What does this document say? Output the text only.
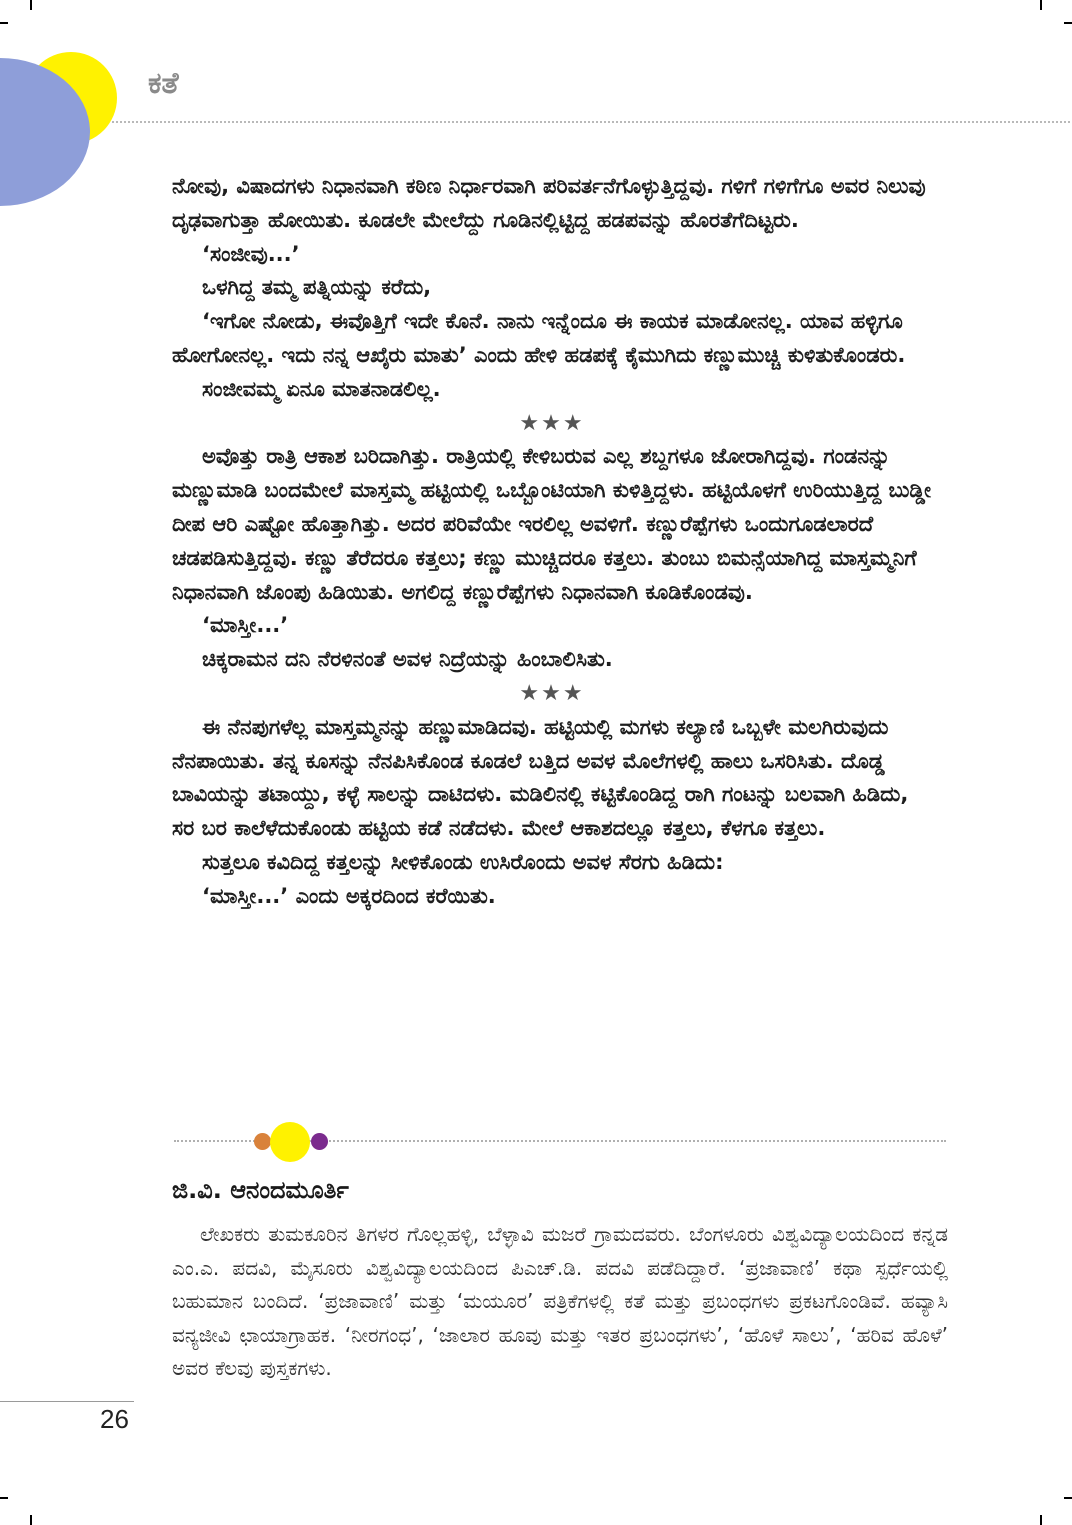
ಕತೆ

ನೋವು, ವಿಷಾದಗಳು ನಿಧಾನವಾಗಿ ಕಠಿಣ ನಿರ್ಧಾರವಾಗಿ ಪರಿವರ್ತನೆಗೊಳ್ಳುತ್ತಿದ್ದವು. ಗಳಿಗೆ ಗಳಿಗೆಗೂ ಅವರ ನಿಲುವು ದೃಢವಾಗುತ್ತಾ ಹೋಯಿತು. ಕೂಡಲೇ ಮೇಲೆದ್ದು ಗೂಡಿನಲ್ಲಿಟ್ಟಿದ್ದ ಹಡಪವನ್ನು ಹೊರತೆಗೆದಿಟ್ಟರು.

‘ಸಂಜೀವು...’

ಒಳಗಿದ್ದ ತಮ್ಮ ಪತ್ನಿಯನ್ನು ಕರೆದು,

‘ಇಗೋ ನೋಡು, ಈವೊತ್ತಿಗೆ ಇದೇ ಕೊನೆ. ನಾನು ಇನ್ನೆಂದೂ ಈ ಕಾಯಕ ಮಾಡೋನಲ್ಲ. ಯಾವ ಹಳ್ಳಿಗೂ ಹೋಗೋನಲ್ಲ. ಇದು ನನ್ನ ಆಖೈರು ಮಾತು’ ಎಂದು ಹೇಳಿ ಹಡಪಕ್ಕೆ ಕೈಮುಗಿದು ಕಣ್ಣುಮುಚ್ಚಿ ಕುಳಿತುಕೊಂಡರು.

ಸಂಜೀವಮ್ಮ ಏನೂ ಮಾತನಾಡಲಿಲ್ಲ.

★★★

ಅವೊತ್ತು ರಾತ್ರಿ ಆಕಾಶ ಬರಿದಾಗಿತ್ತು. ರಾತ್ರಿಯಲ್ಲಿ ಕೇಳಿಬರುವ ಎಲ್ಲ ಶಬ್ದಗಳೂ ಜೋರಾಗಿದ್ದವು. ಗಂಡನನ್ನು ಮಣ್ಣುಮಾಡಿ ಬಂದಮೇಲೆ ಮಾಸ್ತಮ್ಮ ಹಟ್ಟಿಯಲ್ಲಿ ಒಬ್ಬೊಂಟಿಯಾಗಿ ಕುಳಿತ್ತಿದ್ದಳು. ಹಟ್ಟಿಯೊಳಗೆ ಉರಿಯುತ್ತಿದ್ದ ಬುಡ್ಡೀ ದೀಪ ಆರಿ ಎಷ್ಟೋ ಹೊತ್ತಾಗಿತ್ತು. ಅದರ ಪರಿವೆಯೇ ಇರಲಿಲ್ಲ ಅವಳಿಗೆ. ಕಣ್ಣುರೆಪ್ಪೆಗಳು ಒಂದುಗೂಡಲಾರದೆ ಚಡಪಡಿಸುತ್ತಿದ್ದವು. ಕಣ್ಣು ತೆರೆದರೂ ಕತ್ತಲು; ಕಣ್ಣು ಮುಚ್ಚಿದರೂ ಕತ್ತಲು. ತುಂಬು ಬಿಮನ್ಸೆಯಾಗಿದ್ದ ಮಾಸ್ತಮ್ಮನಿಗೆ ನಿಧಾನವಾಗಿ ಜೊಂಪು ಹಿಡಿಯಿತು. ಅಗಲಿದ್ದ ಕಣ್ಣುರೆಪ್ಪೆಗಳು ನಿಧಾನವಾಗಿ ಕೂಡಿಕೊಂಡವು.

‘ಮಾಸ್ತೀ...’

ಚಿಕ್ಕರಾಮನ ದನಿ ನೆರಳಿನಂತೆ ಅವಳ ನಿದ್ರೆಯನ್ನು ಹಿಂಬಾಲಿಸಿತು.

★★★

ಈ ನೆನಪುಗಳೆಲ್ಲ ಮಾಸ್ತಮ್ಮನನ್ನು ಹಣ್ಣುಮಾಡಿದವು. ಹಟ್ಟಿಯಲ್ಲಿ ಮಗಳು ಕಲ್ಯಾಣಿ ಒಬ್ಬಳೇ ಮಲಗಿರುವುದು ನೆನಪಾಯಿತು. ತನ್ನ ಕೂಸನ್ನು ನೆನಪಿಸಿಕೊಂಡ ಕೂಡಲೆ ಬತ್ತಿದ ಅವಳ ಮೊಲೆಗಳಲ್ಲಿ ಹಾಲು ಒಸರಿಸಿತು. ದೊಡ್ಡ ಬಾವಿಯನ್ನು ತಟಾಯ್ದು, ಕಳ್ಳೆ ಸಾಲನ್ನು ದಾಟಿದಳು. ಮಡಿಲಿನಲ್ಲಿ ಕಟ್ಟಿಕೊಂಡಿದ್ದ ರಾಗಿ ಗಂಟನ್ನು ಬಲವಾಗಿ ಹಿಡಿದು, ಸರ ಬರ ಕಾಲೆಳೆದುಕೊಂಡು ಹಟ್ಟಿಯ ಕಡೆ ನಡೆದಳು. ಮೇಲೆ ಆಕಾಶದಲ್ಲೂ ಕತ್ತಲು, ಕೆಳಗೂ ಕತ್ತಲು.

ಸುತ್ತಲೂ ಕವಿದಿದ್ದ ಕತ್ತಲನ್ನು ಸೀಳಿಕೊಂಡು ಉಸಿರೊಂದು ಅವಳ ಸೆರಗು ಹಿಡಿದು:

‘ಮಾಸ್ತೀ...’ ಎಂದು ಅಕ್ಕರದಿಂದ ಕರೆಯಿತು.

ಜಿ.ವಿ. ಆನಂದಮೂರ್ತಿ

ಲೇಖಕರು ತುಮಕೂರಿನ ತಿಗಳರ ಗೊಲ್ಲಹಳ್ಳಿ, ಬೆಳ್ಳಾವಿ ಮಜರೆ ಗ್ರಾಮದವರು. ಬೆಂಗಳೂರು ವಿಶ್ವವಿದ್ಯಾಲಯದಿಂದ ಕನ್ನಡ ಎಂ.ಎ. ಪದವಿ, ಮೈಸೂರು ವಿಶ್ವವಿದ್ಯಾಲಯದಿಂದ ಪಿಎಚ್.ಡಿ. ಪದವಿ ಪಡೆದಿದ್ದಾರೆ. ‘ಪ್ರಜಾವಾಣಿ’ ಕಥಾ ಸ್ಪರ್ಧೆಯಲ್ಲಿ ಬಹುಮಾನ ಬಂದಿದೆ. ‘ಪ್ರಜಾವಾಣಿ’ ಮತ್ತು ‘ಮಯೂರ’ ಪತ್ರಿಕೆಗಳಲ್ಲಿ ಕತೆ ಮತ್ತು ಪ್ರಬಂಧಗಳು ಪ್ರಕಟಗೊಂಡಿವೆ. ಹವ್ಯಾಸಿ ವನ್ಯಜೀವಿ ಛಾಯಾಗ್ರಾಹಕ. ‘ನೀರಗಂಧ’, ‘ಜಾಲಾರ ಹೂವು ಮತ್ತು ಇತರ ಪ್ರಬಂಧಗಳು’, ‘ಹೊಳೆ ಸಾಲು’, ‘ಹರಿವ ಹೊಳೆ’ ಅವರ ಕೆಲವು ಪುಸ್ತಕಗಳು.

26
